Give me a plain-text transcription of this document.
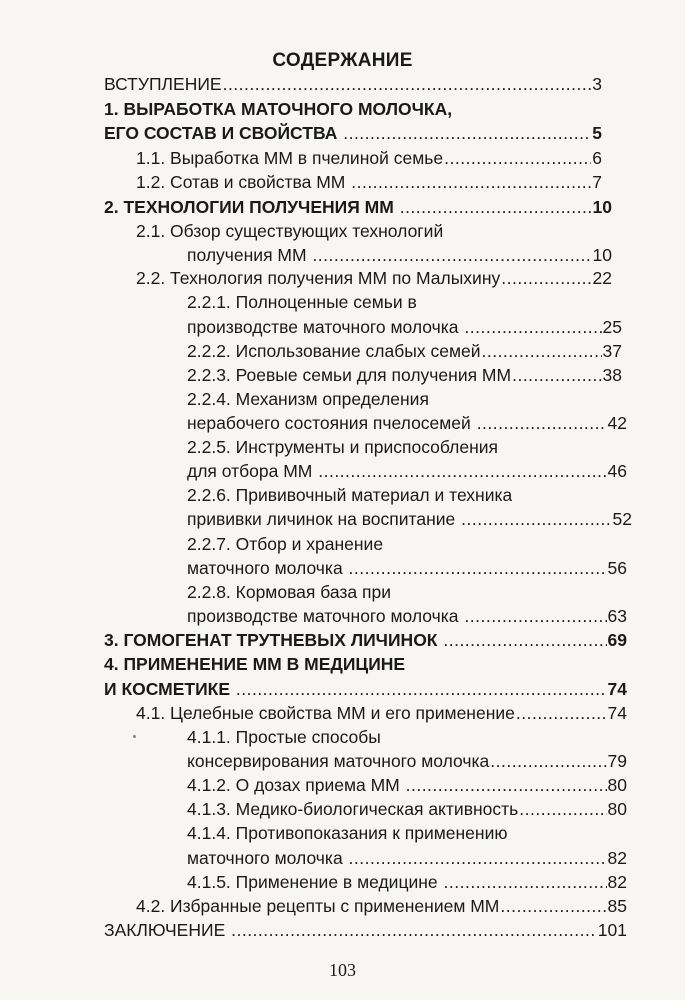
СОДЕРЖАНИЕ
ВСТУПЛЕНИЕ .....	3
1. ВЫРАБОТКА МАТОЧНОГО МОЛОЧКА,
ЕГО СОСТАВ И СВОЙСТВА .....	5
1.1. Выработка ММ в пчелиной семье .....	6
1.2. Сотав и свойства ММ .....	7
2. ТЕХНОЛОГИИ ПОЛУЧЕНИЯ ММ .....	10
2.1. Обзор существующих технологий
получения ММ .....	10
2.2. Технология получения ММ по Малыхину .....	22
2.2.1. Полноценные семьи в
производстве маточного молочка .....	25
2.2.2. Использование слабых семей .....	37
2.2.3. Роевые семьи для получения ММ .....	38
2.2.4. Механизм определения
нерабочего состояния пчелосемей .....	42
2.2.5. Инструменты и приспособления
для отбора ММ .....	46
2.2.6. Прививочный материал и техника
прививки личинок на воспитание .....	52
2.2.7. Отбор и хранение
маточного молочка .....	56
2.2.8. Кормовая база при
производстве маточного молочка .....	63
3. ГОМОГЕНАТ ТРУТНЕВЫХ ЛИЧИНОК .....	69
4. ПРИМЕНЕНИЕ ММ В МЕДИЦИНЕ
И КОСМЕТИКЕ .....	74
4.1. Целебные свойства ММ и его применение .....	74
4.1.1. Простые способы
консервирования маточного молочка .....	79
4.1.2. О дозах приема ММ .....	80
4.1.3. Медико-биологическая активность .....	80
4.1.4. Противопоказания к применению
маточного молочка .....	82
4.1.5. Применение в медицине .....	82
4.2. Избранные рецепты с применением ММ .....	85
ЗАКЛЮЧЕНИЕ .....	101
103
